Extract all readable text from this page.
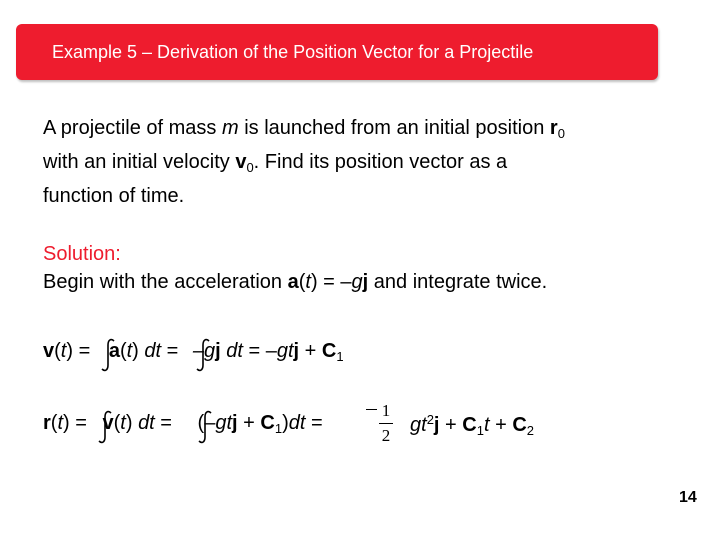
Example 5 – Derivation of the Position Vector for a Projectile
A projectile of mass m is launched from an initial position $r_0$
with an initial velocity $v_0$. Find its position vector as a
function of time.
Solution:
Begin with the acceleration a(t) = –gj and integrate twice.
v(t) = a(t) dt = –gj dt = $-gtj + C_1$
r(t) = v(t) dt = $(-gtj + C_1)dt$ =
1
2 $gt^2j + C_1t + C_2$
14
